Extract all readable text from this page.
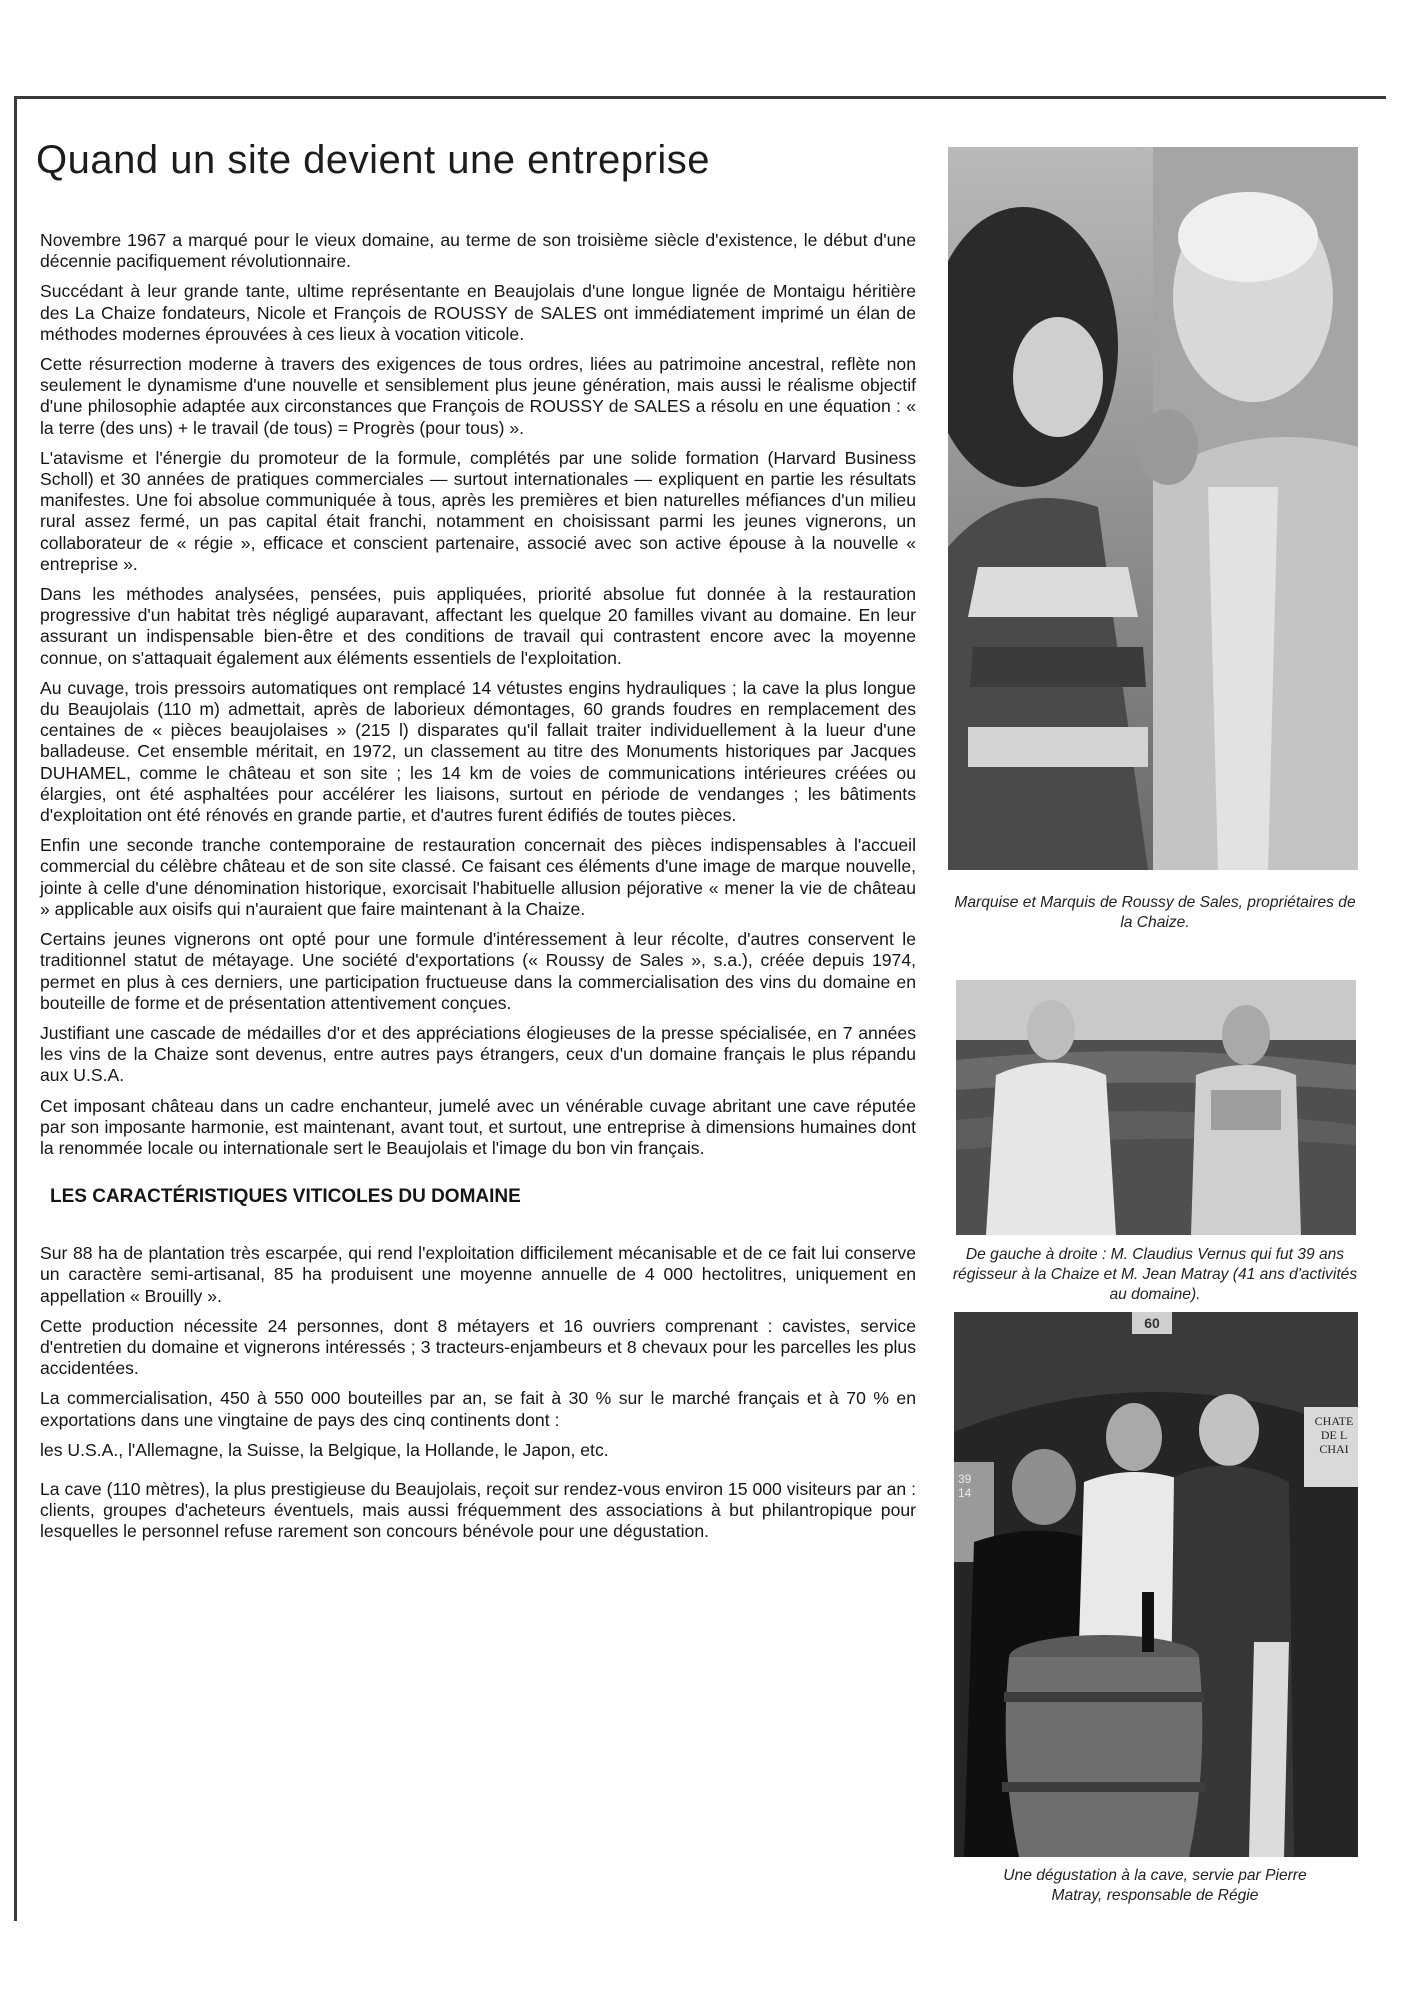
Quand un site devient une entreprise

Novembre 1967 a marqué pour le vieux domaine, au terme de son troisième siècle d'existence, le début d'une décennie pacifiquement révolutionnaire.

Succédant à leur grande tante, ultime représentante en Beaujolais d'une longue lignée de Montaigu héritière des La Chaize fondateurs, Nicole et François de ROUSSY de SALES ont immédiatement imprimé un élan de méthodes modernes éprouvées à ces lieux à vocation viticole.

Cette résurrection moderne à travers des exigences de tous ordres, liées au patrimoine ancestral, reflète non seulement le dynamisme d'une nouvelle et sensiblement plus jeune génération, mais aussi le réalisme objectif d'une philosophie adaptée aux circonstances que François de ROUSSY de SALES a résolu en une équation : « la terre (des uns) + le travail (de tous) = Progrès (pour tous) ».

L'atavisme et l'énergie du promoteur de la formule, complétés par une solide formation (Harvard Business Scholl) et 30 années de pratiques commerciales — surtout internationales — expliquent en partie les résultats manifestes. Une foi absolue communiquée à tous, après les premières et bien naturelles méfiances d'un milieu rural assez fermé, un pas capital était franchi, notamment en choisissant parmi les jeunes vignerons, un collaborateur de « régie », efficace et conscient partenaire, associé avec son active épouse à la nouvelle « entreprise ».

Dans les méthodes analysées, pensées, puis appliquées, priorité absolue fut donnée à la restauration progressive d'un habitat très négligé auparavant, affectant les quelque 20 familles vivant au domaine. En leur assurant un indispensable bien-être et des conditions de travail qui contrastent encore avec la moyenne connue, on s'attaquait également aux éléments essentiels de l'exploitation.

Au cuvage, trois pressoirs automatiques ont remplacé 14 vétustes engins hydrauliques ; la cave la plus longue du Beaujolais (110 m) admettait, après de laborieux démontages, 60 grands foudres en remplacement des centaines de « pièces beaujolaises » (215 l) disparates qu'il fallait traiter individuellement à la lueur d'une balladeuse. Cet ensemble méritait, en 1972, un classement au titre des Monuments historiques par Jacques DUHAMEL, comme le château et son site ; les 14 km de voies de communications intérieures créées ou élargies, ont été asphaltées pour accélérer les liaisons, surtout en période de vendanges ; les bâtiments d'exploitation ont été rénovés en grande partie, et d'autres furent édifiés de toutes pièces.

Enfin une seconde tranche contemporaine de restauration concernait des pièces indispensables à l'accueil commercial du célèbre château et de son site classé. Ce faisant ces éléments d'une image de marque nouvelle, jointe à celle d'une dénomination historique, exorcisait l'habituelle allusion péjorative « mener la vie de château » applicable aux oisifs qui n'auraient que faire maintenant à la Chaize.

Certains jeunes vignerons ont opté pour une formule d'intéressement à leur récolte, d'autres conservent le traditionnel statut de métayage. Une société d'exportations (« Roussy de Sales », s.a.), créée depuis 1974, permet en plus à ces derniers, une participation fructueuse dans la commercialisation des vins du domaine en bouteille de forme et de présentation attentivement conçues.

Justifiant une cascade de médailles d'or et des appréciations élogieuses de la presse spécialisée, en 7 années les vins de la Chaize sont devenus, entre autres pays étrangers, ceux d'un domaine français le plus répandu aux U.S.A.

Cet imposant château dans un cadre enchanteur, jumelé avec un vénérable cuvage abritant une cave réputée par son imposante harmonie, est maintenant, avant tout, et surtout, une entreprise à dimensions humaines dont la renommée locale ou internationale sert le Beaujolais et l'image du bon vin français.

LES CARACTÉRISTIQUES VITICOLES DU DOMAINE

Sur 88 ha de plantation très escarpée, qui rend l'exploitation difficilement mécanisable et de ce fait lui conserve un caractère semi-artisanal, 85 ha produisent une moyenne annuelle de 4 000 hectolitres, uniquement en appellation « Brouilly ».

Cette production nécessite 24 personnes, dont 8 métayers et 16 ouvriers comprenant : cavistes, service d'entretien du domaine et vignerons intéressés ; 3 tracteurs-enjambeurs et 8 chevaux pour les parcelles les plus accidentées.

La commercialisation, 450 à 550 000 bouteilles par an, se fait à 30 % sur le marché français et à 70 % en exportations dans une vingtaine de pays des cinq continents dont :

les U.S.A., l'Allemagne, la Suisse, la Belgique, la Hollande, le Japon, etc.

La cave (110 mètres), la plus prestigieuse du Beaujolais, reçoit sur rendez-vous environ 15 000 visiteurs par an : clients, groupes d'acheteurs éventuels, mais aussi fréquemment des associations à but philantropique pour lesquelles le personnel refuse rarement son concours bénévole pour une dégustation.

Marquise et Marquis de Roussy de Sales, propriétaires de la Chaize.
De gauche à droite : M. Claudius Vernus qui fut 39 ans régisseur à la Chaize et M. Jean Matray (41 ans d'activités au domaine).
CHATE
DE L
CHAI
60
39
14
Une dégustation à la cave, servie par Pierre Matray, responsable de Régie
